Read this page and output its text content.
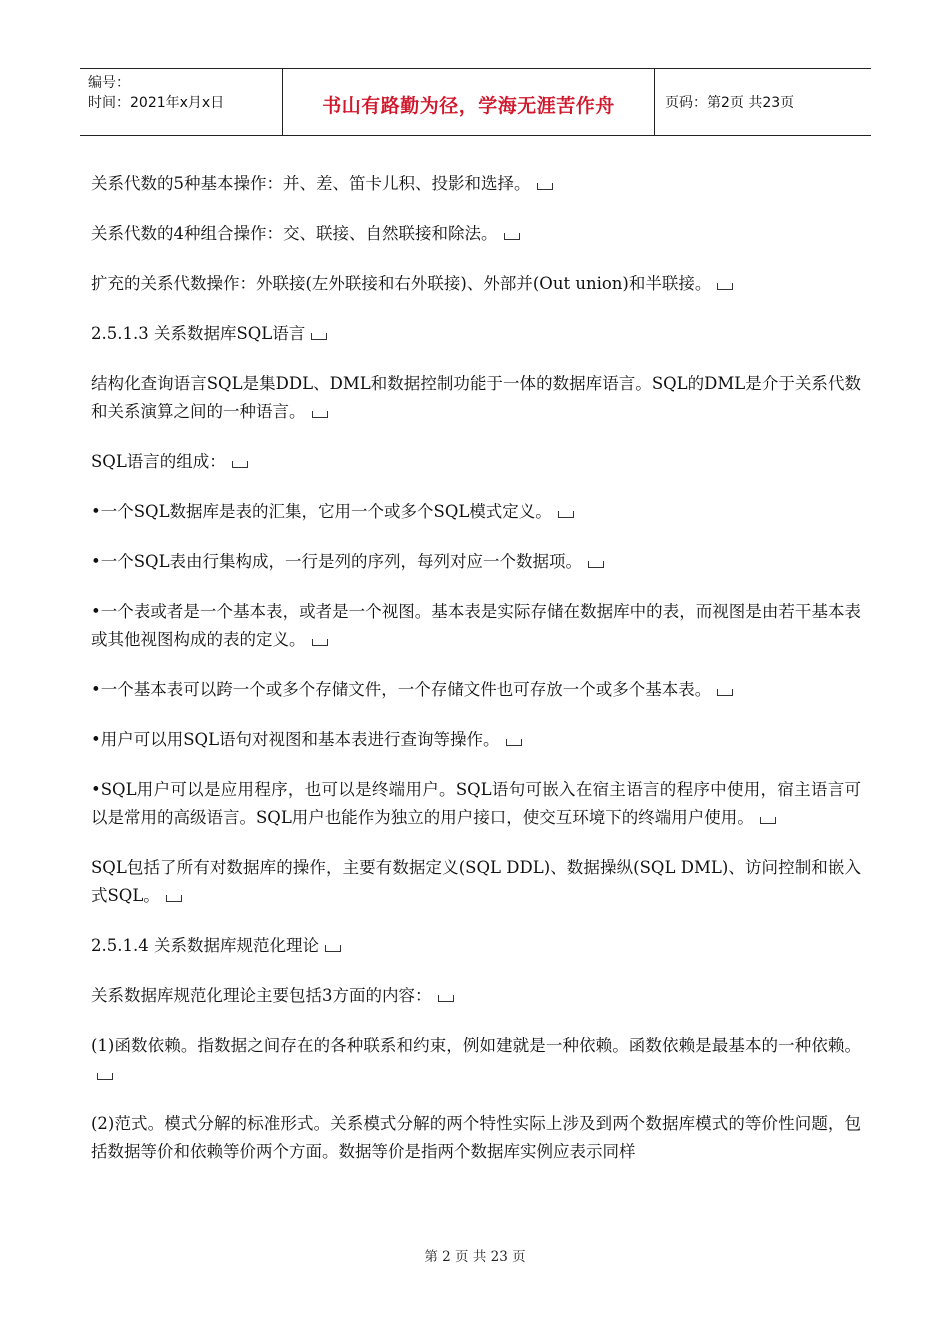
编号：
时间：2021年x月x日	书山有路勤为径，学海无涯苦作舟	页码：第2页 共23页

关系代数的5种基本操作：并、差、笛卡儿积、投影和选择。

关系代数的4种组合操作：交、联接、自然联接和除法。

扩充的关系代数操作：外联接(左外联接和右外联接)、外部并(Out union)和半联接。

2.5.1.3 关系数据库SQL语言

结构化查询语言SQL是集DDL、DML和数据控制功能于一体的数据库语言。SQL的DML是介于关系代数和关系演算之间的一种语言。

SQL语言的组成：

•一个SQL数据库是表的汇集，它用一个或多个SQL模式定义。

•一个SQL表由行集构成，一行是列的序列，每列对应一个数据项。

•一个表或者是一个基本表，或者是一个视图。基本表是实际存储在数据库中的表，而视图是由若干基本表或其他视图构成的表的定义。

•一个基本表可以跨一个或多个存储文件，一个存储文件也可存放一个或多个基本表。

•用户可以用SQL语句对视图和基本表进行查询等操作。

•SQL用户可以是应用程序，也可以是终端用户。SQL语句可嵌入在宿主语言的程序中使用，宿主语言可以是常用的高级语言。SQL用户也能作为独立的用户接口，使交互环境下的终端用户使用。

SQL包括了所有对数据库的操作，主要有数据定义(SQL DDL)、数据操纵(SQL DML)、访问控制和嵌入式SQL。

2.5.1.4 关系数据库规范化理论

关系数据库规范化理论主要包括3方面的内容：

(1)函数依赖。指数据之间存在的各种联系和约束，例如建就是一种依赖。函数依赖是最基本的一种依赖。

(2)范式。模式分解的标准形式。关系模式分解的两个特性实际上涉及到两个数据库模式的等价性问题，包括数据等价和依赖等价两个方面。数据等价是指两个数据库实例应表示同样

第 2 页 共 23 页
